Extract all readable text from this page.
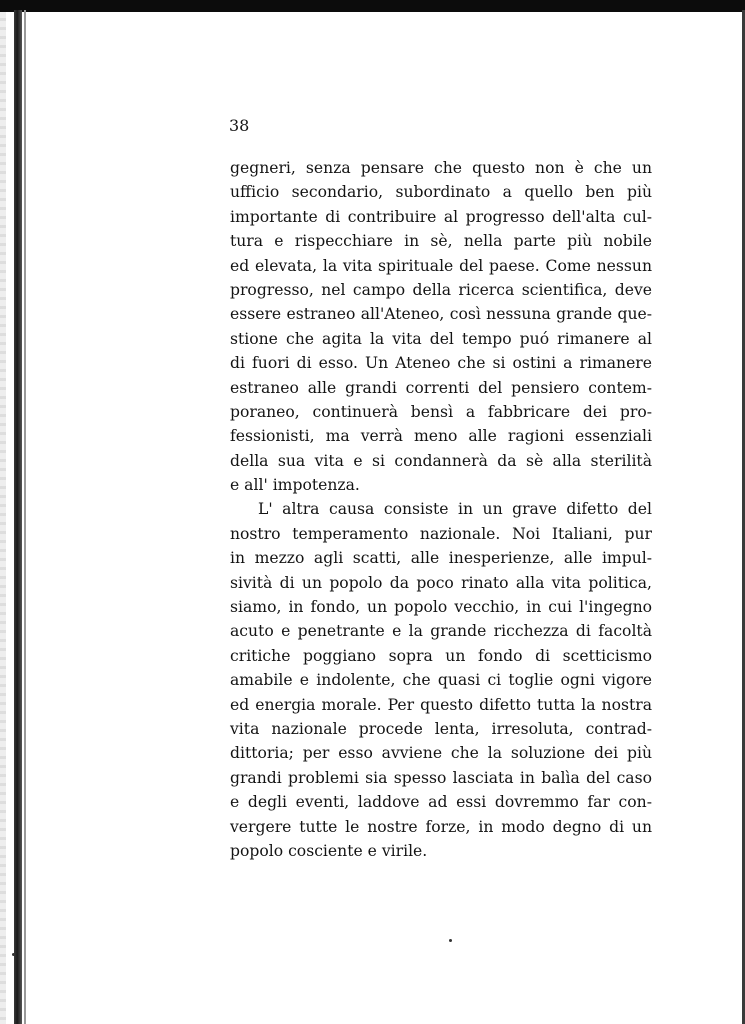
38

gegneri, senza pensare che questo non è che un
ufficio secondario, subordinato a quello ben più
importante di contribuire al progresso dell'alta cul-
tura e rispecchiare in sè, nella parte più nobile
ed elevata, la vita spirituale del paese. Come nessun
progresso, nel campo della ricerca scientifica, deve
essere estraneo all'Ateneo, così nessuna grande que-
stione che agita la vita del tempo puó rimanere al
di fuori di esso. Un Ateneo che si ostini a rimanere
estraneo alle grandi correnti del pensiero contem-
poraneo, continuerà bensì a fabbricare dei pro-
fessionisti, ma verrà meno alle ragioni essenziali
della sua vita e si condannerà da sè alla sterilità
e all' impotenza.
L' altra causa consiste in un grave difetto del
nostro temperamento nazionale. Noi Italiani, pur
in mezzo agli scatti, alle inesperienze, alle impul-
sività di un popolo da poco rinato alla vita politica,
siamo, in fondo, un popolo vecchio, in cui l'ingegno
acuto e penetrante e la grande ricchezza di facoltà
critiche poggiano sopra un fondo di scetticismo
amabile e indolente, che quasi ci toglie ogni vigore
ed energia morale. Per questo difetto tutta la nostra
vita nazionale procede lenta, irresoluta, contrad-
dittoria; per esso avviene che la soluzione dei più
grandi problemi sia spesso lasciata in balìa del caso
e degli eventi, laddove ad essi dovremmo far con-
vergere tutte le nostre forze, in modo degno di un
popolo cosciente e virile.
